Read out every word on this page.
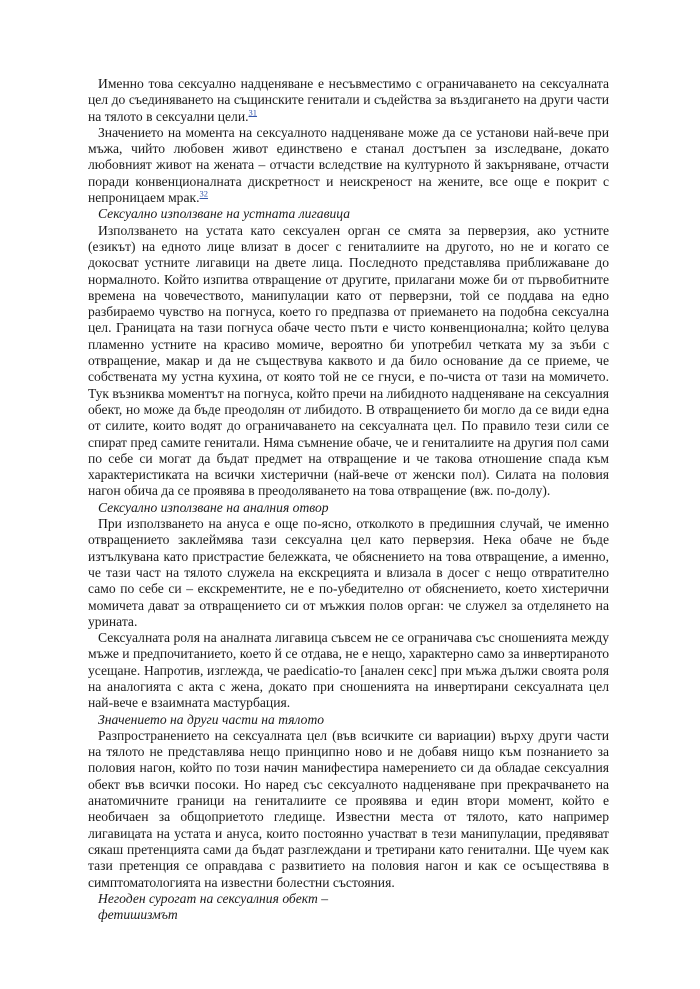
Именно това сексуално надценяване е несъвместимо с ограничаването на сексуалната цел до съединяването на същинските генитали и съдейства за въздигането на други части на тялото в сексуални цели.$^{31}$

Значението на момента на сексуалното надценяване може да се установи най-вече при мъжа, чийто любовен живот единствено е станал достъпен за изследване, докато любовният живот на жената – отчасти вследствие на културното й закърняване, отчасти поради конвенционалната дискретност и неискреност на жените, все още е покрит с непроницаем мрак.$^{32}$

Сексуално използване на устната лигавица

Използването на устата като сексуален орган се смята за перверзия, ако устните (езикът) на едното лице влизат в досег с гениталиите на другото, но не и когато се докосват устните лигавици на двете лица. Последното представлява приближаване до нормалното. Който изпитва отвращение от другите, прилагани може би от първобитните времена на човечеството, манипулации като от перверзни, той се поддава на едно разбираемо чувство на погнуса, което го предпазва от приемането на подобна сексуална цел. Границата на тази погнуса обаче често пъти е чисто конвенционална; който целува пламенно устните на красиво момиче, вероятно би употребил четката му за зъби с отвращение, макар и да не съществува каквото и да било основание да се приеме, че собствената му устна кухина, от която той не се гнуси, е по-чиста от тази на момичето. Тук възниква моментът на погнуса, който пречи на либидното надценяване на сексуалния обект, но може да бъде преодолян от либидото. В отвращението би могло да се види една от силите, които водят до ограничаването на сексуалната цел. По правило тези сили се спират пред самите генитали. Няма съмнение обаче, че и гениталиите на другия пол сами по себе си могат да бъдат предмет на отвращение и че такова отношение спада към характеристиката на всички хистерични (най-вече от женски пол). Силата на половия нагон обича да се проявява в преодоляването на това отвращение (вж. по-долу).

Сексуално използване на аналния отвор

При използването на ануса е още по-ясно, отколкото в предишния случай, че именно отвращението заклеймява тази сексуална цел като перверзия. Нека обаче не бъде изтълкувана като пристрастие бележката, че обяснението на това отвращение, а именно, че тази част на тялото служела на екскрецията и влизала в досег с нещо отвратително само по себе си – екскрементите, не е по-убедително от обяснението, което хистерични момичета дават за отвращението си от мъжкия полов орган: че служел за отделянето на урината.

Сексуалната роля на аналната лигавица съвсем не се ограничава със сношенията между мъже и предпочитанието, което й се отдава, не е нещо, характерно само за инвертираното усещане. Напротив, изглежда, че paedicatio-то [анален секс] при мъжа дължи своята роля на аналогията с акта с жена, докато при сношенията на инвертирани сексуалната цел най-вече е взаимната мастурбация.

Значението на други части на тялото

Разпространението на сексуалната цел (във всичките си вариации) върху други части на тялото не представлява нещо принципно ново и не добавя нищо към познанието за половия нагон, който по този начин манифестира намерението си да обладае сексуалния обект във всички посоки. Но наред със сексуалното надценяване при прекрачването на анатомичните граници на гениталиите се проявява и един втори момент, който е необичаен за общоприетото гледище. Известни места от тялото, като например лигавицата на устата и ануса, които постоянно участват в тези манипулации, предявяват сякаш претенцията сами да бъдат разглеждани и третирани като генитални. Ще чуем как тази претенция се оправдава с развитието на половия нагон и как се осъществява в симптоматологията на известни болестни състояния.

Негоден сурогат на сексуалния обект –

фетишизмът
